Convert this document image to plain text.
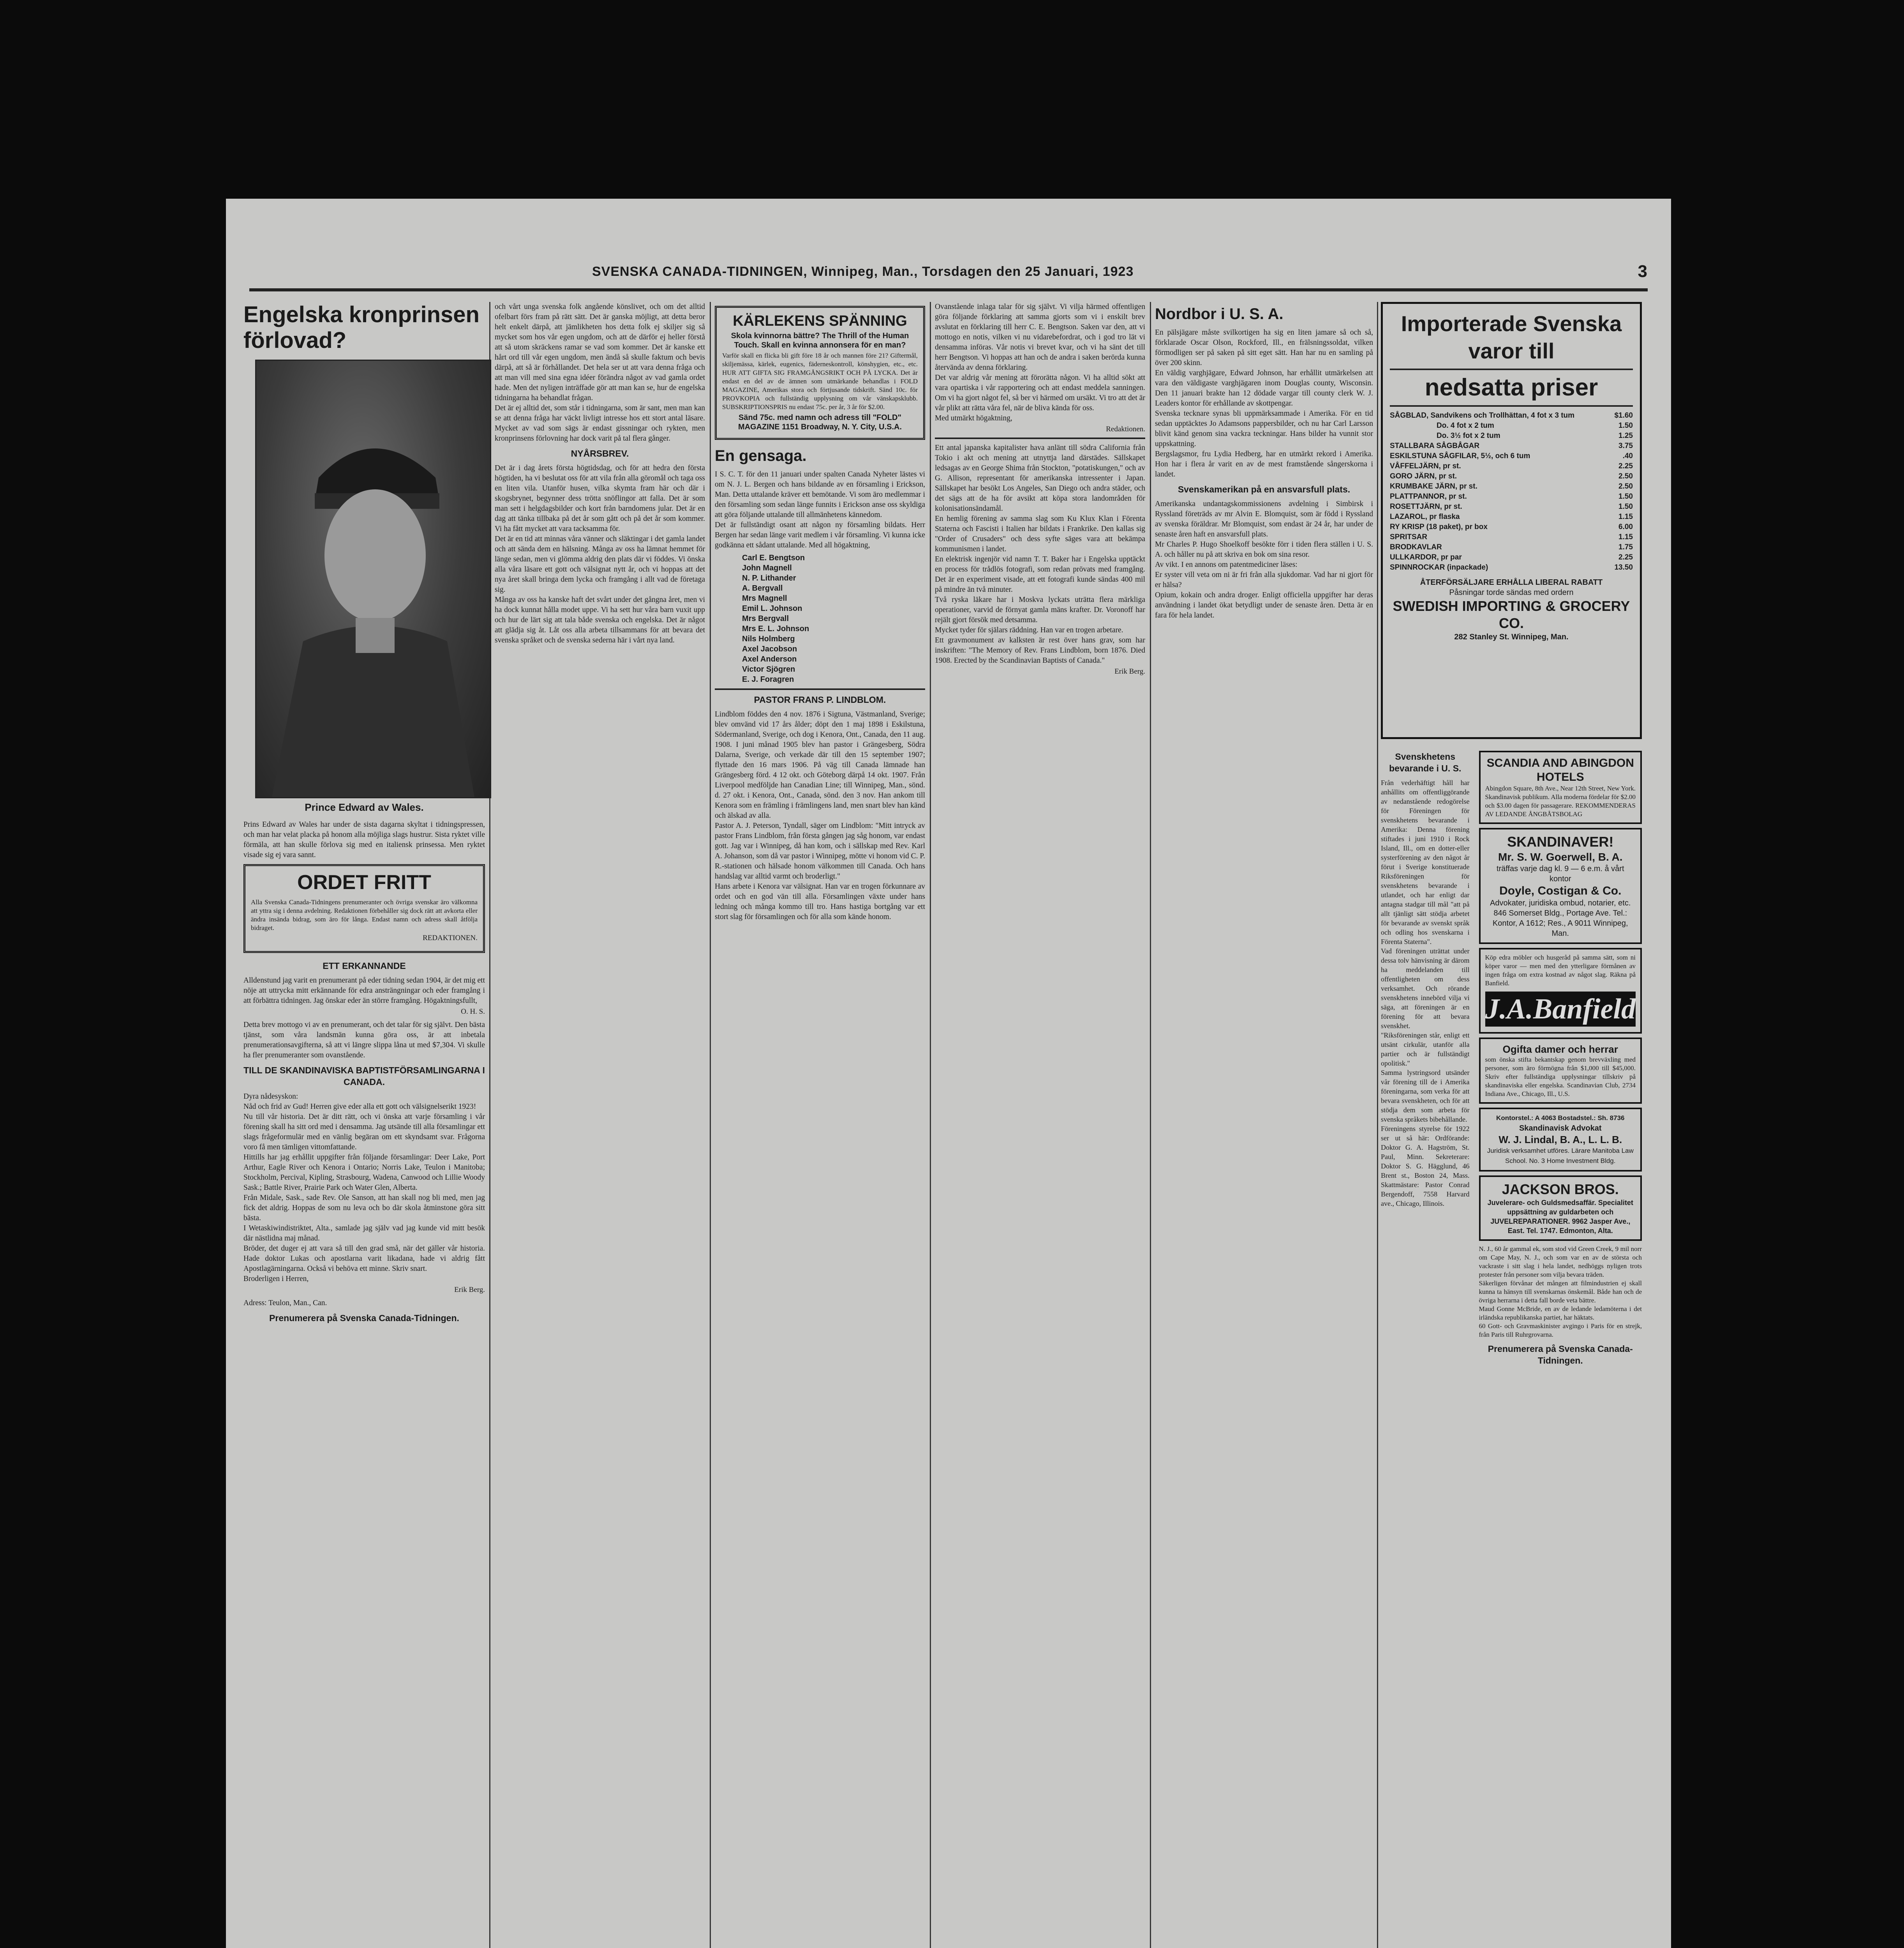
SVENSKA CANADA-TIDNINGEN, Winnipeg, Man., Torsdagen den 25 Januari, 1923	3

Engelska kronprinsen förlovad?

Prince Edward av Wales.

Prins Edward av Wales har under de sista dagarna skyltat i tidningspressen, och man har velat placka på honom alla möjliga slags hustrur. Sista ryktet ville förmäla, att han skulle förlova sig med en italiensk prinsessa. Men ryktet visade sig ej vara sannt.

ORDET FRITT

Alla Svenska Canada-Tidningens prenumeranter och övriga svenskar äro välkomna att yttra sig i denna avdelning. Redaktionen förbehåller sig dock rätt att avkorta eller ändra insända bidrag, som äro för långa. Endast namn och adress skall åtfölja bidraget.

REDAKTIONEN.

ETT ERKANNANDE

Alldenstund jag varit en prenumerant på eder tidning sedan 1904, är det mig ett nöje att uttrycka mitt erkännande för edra ansträngningar och eder framgång i att förbättra tidningen. Jag önskar eder än större framgång. Högaktningsfullt,

O. H. S.

Detta brev mottogo vi av en prenumerant, och det talar för sig självt. Den bästa tjänst, som våra landsmän kunna göra oss, är att inbetala prenumerationsavgifterna, så att vi längre slippa låna ut med $7,304. Vi skulle ha fler prenumeranter som ovanstående.

TILL DE SKANDINAVISKA BAPTISTFÖRSAMLINGARNA I CANADA.

Dyra nådesyskon:
Nåd och frid av Gud! Herren give eder alla ett gott och välsignelserikt 1923!
Nu till vår historia. Det är ditt rätt, och vi önska att varje församling i vår förening skall ha sitt ord med i densamma. Jag utsände till alla församlingar ett slags frågeformulär med en vänlig begäran om ett skyndsamt svar. Frågorna voro få men tämligen vittomfattande.
Hittills har jag erhållit uppgifter från följande församlingar: Deer Lake, Port Arthur, Eagle River och Kenora i Ontario; Norris Lake, Teulon i Manitoba; Stockholm, Percival, Kipling, Strasbourg, Wadena, Canwood och Lillie Woody Sask.; Battle River, Prairie Park och Water Glen, Alberta.
Från Midale, Sask., sade Rev. Ole Sanson, att han skall nog bli med, men jag fick det aldrig. Hoppas de som nu leva och bo där skola åtminstone göra sitt bästa.
I Wetaskiwindistriktet, Alta., samlade jag själv vad jag kunde vid mitt besök där nästlidna maj månad.
Bröder, det duger ej att vara så till den grad små, när det gäller vår historia. Hade doktor Lukas och apostlarna varit likadana, hade vi aldrig fått Apostlagärningarna. Också vi behöva ett minne. Skriv snart.
Broderligen i Herren,

Erik Berg.

Adress: Teulon, Man., Can.

Prenumerera på Svenska Canada-Tidningen.

och vårt unga svenska folk angående könslivet, och om det alltid ofelbart förs fram på rätt sätt. Det är ganska möjligt, att detta beror helt enkelt därpå, att jämlikheten hos detta folk ej skiljer sig så mycket som hos vår egen ungdom, och att de därför ej heller förstå att så utom skräckens ramar se vad som kommer. Det är kanske ett hårt ord till vår egen ungdom, men ändå så skulle faktum och bevis därpå, att så är förhållandet. Det hela ser ut att vara denna fråga och att man vill med sina egna idéer förändra något av vad gamla ordet hade. Men det nyligen inträffade gör att man kan se, hur de engelska tidningarna ha behandlat frågan.
Det är ej alltid det, som står i tidningarna, som är sant, men man kan se att denna fråga har väckt livligt intresse hos ett stort antal läsare. Mycket av vad som sägs är endast gissningar och rykten, men kronprinsens förlovning har dock varit på tal flera gånger.

NYÅRSBREV.

Det är i dag årets första högtidsdag, och för att hedra den första högtiden, ha vi beslutat oss för att vila från alla göromål och taga oss en liten vila. Utanför husen, vilka skymta fram här och där i skogsbrynet, begynner dess trötta snöflingor att falla. Det är som man sett i helgdagsbilder och kort från barndomens jular. Det är en dag att tänka tillbaka på det år som gått och på det år som kommer. Vi ha fått mycket att vara tacksamma för.
Det är en tid att minnas våra vänner och släktingar i det gamla landet och att sända dem en hälsning. Många av oss ha lämnat hemmet för länge sedan, men vi glömma aldrig den plats där vi föddes. Vi önska alla våra läsare ett gott och välsignat nytt år, och vi hoppas att det nya året skall bringa dem lycka och framgång i allt vad de företaga sig.
Många av oss ha kanske haft det svårt under det gångna året, men vi ha dock kunnat hålla modet uppe. Vi ha sett hur våra barn vuxit upp och hur de lärt sig att tala både svenska och engelska. Det är något att glädja sig åt. Låt oss alla arbeta tillsammans för att bevara det svenska språket och de svenska sederna här i vårt nya land.

KÄRLEKENS SPÄNNING

Skola kvinnorna bättre? The Thrill of the Human Touch. Skall en kvinna annonsera för en man?

Varför skall en flicka bli gift före 18 år och mannen före 21? Giftermål, skiljemässa, kärlek, eugenics, fäderneskontroll, könshygien, etc., etc. HUR ATT GIFTA SIG FRAMGÅNGSRIKT OCH PÅ LYCKA. Det är endast en del av de ämnen som utmärkande behandlas i FOLD MAGAZINE, Amerikas stora och förtjusande tidskrift. Sänd 10c. för PROVKOPIA och fullständig upplysning om vår vänskapsklubb. SUBSKRIPTIONSPRIS nu endast 75c. per år, 3 år för $2.00.

Sänd 75c. med namn och adress till "FOLD" MAGAZINE 1151 Broadway, N. Y. City, U.S.A.

En gensaga.

I S. C. T. för den 11 januari under spalten Canada Nyheter lästes vi om N. J. L. Bergen och hans bildande av en församling i Erickson, Man. Detta uttalande kräver ett bemötande. Vi som äro medlemmar i den församling som sedan länge funnits i Erickson anse oss skyldiga att göra följande uttalande till allmänhetens kännedom.
Det är fullständigt osant att någon ny församling bildats. Herr Bergen har sedan länge varit medlem i vår församling. Vi kunna icke godkänna ett sådant uttalande. Med all högaktning,

Carl E. Bengtson
John Magnell
N. P. Lithander
A. Bergvall
Mrs Magnell
Emil L. Johnson
Mrs Bergvall
Mrs E. L. Johnson
Nils Holmberg
Axel Jacobson
Axel Anderson
Victor Sjögren
E. J. Foragren

PASTOR FRANS P. LINDBLOM.

Lindblom föddes den 4 nov. 1876 i Sigtuna, Västmanland, Sverige; blev omvänd vid 17 års ålder; döpt den 1 maj 1898 i Eskilstuna, Södermanland, Sverige, och dog i Kenora, Ont., Canada, den 11 aug. 1908. I juni månad 1905 blev han pastor i Grängesberg, Södra Dalarna, Sverige, och verkade där till den 15 september 1907; flyttade den 16 mars 1906. På väg till Canada lämnade han Grängesberg förd. 4 12 okt. och Göteborg därpå 14 okt. 1907. Från Liverpool medföljde han Canadian Line; till Winnipeg, Man., sönd. d. 27 okt. i Kenora, Ont., Canada, sönd. den 3 nov. Han ankom till Kenora som en främling i främlingens land, men snart blev han känd och älskad av alla.
Pastor A. J. Peterson, Tyndall, säger om Lindblom: "Mitt intryck av pastor Frans Lindblom, från första gången jag såg honom, var endast gott. Jag var i Winnipeg, då han kom, och i sällskap med Rev. Karl A. Johanson, som då var pastor i Winnipeg, mötte vi honom vid C. P. R.-stationen och hälsade honom välkommen till Canada. Och hans handslag var alltid varmt och broderligt."
Hans arbete i Kenora var välsignat. Han var en trogen förkunnare av ordet och en god vän till alla. Församlingen växte under hans ledning och många kommo till tro. Hans hastiga bortgång var ett stort slag för församlingen och för alla som kände honom.

Ovanstående inlaga talar för sig självt. Vi vilja härmed offentligen göra följande förklaring att samma gjorts som vi i enskilt brev avslutat en förklaring till herr C. E. Bengtson. Saken var den, att vi mottogo en notis, vilken vi nu vidarebefordrat, och i god tro lät vi densamma införas. Vår notis vi brevet kvar, och vi ha sänt det till herr Bengtson. Vi hoppas att han och de andra i saken berörda kunna återvända av denna förklaring.
Det var aldrig vår mening att förorätta någon. Vi ha alltid sökt att vara opartiska i vår rapportering och att endast meddela sanningen. Om vi ha gjort något fel, så ber vi härmed om ursäkt. Vi tro att det är vår plikt att rätta våra fel, när de bliva kända för oss.
Med utmärkt högaktning,

Redaktionen.

Ett antal japanska kapitalister hava anlänt till södra California från Tokio i akt och mening att utnyttja land därstädes. Sällskapet ledsagas av en George Shima från Stockton, "potatiskungen," och av G. Allison, representant för amerikanska intressenter i Japan. Sällskapet har besökt Los Angeles, San Diego och andra städer, och det sägs att de ha för avsikt att köpa stora landområden för kolonisationsändamål.
En hemlig förening av samma slag som Ku Klux Klan i Förenta Staterna och Fascisti i Italien har bildats i Frankrike. Den kallas sig "Order of Crusaders" och dess syfte säges vara att bekämpa kommunismen i landet.
En elektrisk ingenjör vid namn T. T. Baker har i Engelska upptäckt en process för trådlös fotografi, som redan prövats med framgång. Det är en experiment visade, att ett fotografi kunde sändas 400 mil på mindre än två minuter.
Två ryska läkare har i Moskva lyckats uträtta flera märkliga operationer, varvid de förnyat gamla mäns krafter. Dr. Voronoff har rejält gjort försök med detsamma.
Mycket tyder för själars räddning. Han var en trogen arbetare.
Ett gravmonument av kalksten är rest över hans grav, som har inskriften: "The Memory of Rev. Frans Lindblom, born 1876. Died 1908. Erected by the Scandinavian Baptists of Canada."

Erik Berg.

Nordbor i U. S. A.

En pälsjägare måste svilkortigen ha sig en liten jamare så och så, förklarade Oscar Olson, Rockford, Ill., en frälsningssoldat, vilken förmodligen ser på saken på sitt eget sätt. Han har nu en samling på över 200 skinn.
En väldig varghjägare, Edward Johnson, har erhållit utmärkelsen att vara den väldigaste varghjägaren inom Douglas county, Wisconsin. Den 11 januari brakte han 12 dödade vargar till county clerk W. J. Leaders kontor för erhållande av skottpengar.
Svenska tecknare synas bli uppmärksammade i Amerika. För en tid sedan upptäcktes Jo Adamsons pappersbilder, och nu har Carl Larsson blivit känd genom sina vackra teckningar. Hans bilder ha vunnit stor uppskattning.
Bergslagsmor, fru Lydia Hedberg, har en utmärkt rekord i Amerika. Hon har i flera år varit en av de mest framstående sångerskorna i landet.

Svenskamerikan på en ansvarsfull plats.

Amerikanska undantagskommissionens avdelning i Simbirsk i Ryssland företräds av mr Alvin E. Blomquist, som är född i Ryssland av svenska föräldrar. Mr Blomquist, som endast är 24 år, har under de senaste åren haft en ansvarsfull plats.
Mr Charles P. Hugo Shoelkoff besökte förr i tiden flera ställen i U. S. A. och håller nu på att skriva en bok om sina resor.
Av vikt. I en annons om patentmediciner läses:
Er syster vill veta om ni är fri från alla sjukdomar. Vad har ni gjort för er hälsa?
Opium, kokain och andra droger. Enligt officiella uppgifter har deras användning i landet ökat betydligt under de senaste åren. Detta är en fara för hela landet.

Importerade Svenska varor till

nedsatta priser

SÅGBLAD, Sandvikens och Trollhättan, 4 fot x 3 tum	$1.60
Do. 4 fot x 2 tum	1.50
Do. 3½ fot x 2 tum	1.25
STALLBARA SÅGBÅGAR	3.75
ESKILSTUNA SÅGFILAR, 5½, och 6 tum	.40
VÅFFELJÄRN, pr st.	2.25
GORO JÄRN, pr st.	2.50
KRUMBAKE JÄRN, pr st.	2.50
PLATTPANNOR, pr st.	1.50
ROSETTJÄRN, pr st.	1.50
LAZAROL, pr flaska	1.15
RY KRISP (18 paket), pr box	6.00
SPRITSAR	1.15
BRODKAVLAR	1.75
ULLKARDOR, pr par	2.25
SPINNROCKAR (inpackade)	13.50

ÅTERFÖRSÄLJARE ERHÅLLA LIBERAL RABATT

Påsningar torde sändas med ordern

SWEDISH IMPORTING & GROCERY CO.

282 Stanley St. Winnipeg, Man.

Svenskhetens bevarande i U. S.

Från vederhäftigt håll har anhållits om offentliggörande av nedanstående redogörelse för Föreningen för svenskhetens bevarande i Amerika: Denna förening stiftades i juni 1910 i Rock Island, Ill., om en dotter-eller systerförening av den något år förut i Sverige konstituerade Riksföreningen för svenskhetens bevarande i utlandet, och har enligt dar antagna stadgar till mål "att på allt tjänligt sätt stödja arbetet för bevarande av svenskt språk och odling hos svenskarna i Förenta Staterna".
Vad föreningen uträttat under dessa tolv hänvisning är därom ha meddelanden till offentligheten om dess verksamhet. Och rörande svenskhetens innebörd vilja vi säga, att föreningen är en förening för att bevara svenskhet.
"Riksföreningen står, enligt ett utsänt cirkulär, utanför alla partier och är fullständigt opolitisk."
Samma lystringsord utsänder vår förening till de i Amerika föreningarna, som verka för att bevara svenskheten, och för att stödja dem som arbeta för svenska språkets bibehållande.
Föreningens styrelse för 1922 ser ut så här: Ordförande: Doktor G. A. Hagström, St. Paul, Minn. Sekreterare: Doktor S. G. Hägglund, 46 Brent st., Boston 24, Mass. Skattmästare: Pastor Conrad Bergendoff, 7558 Harvard ave., Chicago, Illinois.

SCANDIA AND ABINGDON HOTELS

Abingdon Square, 8th Ave., Near 12th Street, New York. Skandinavisk publikum. Alla moderna fördelar för $2.00 och $3.00 dagen för passagerare. REKOMMENDERAS AV LEDANDE ÅNGBÅTSBOLAG

SKANDINAVER!

Mr. S. W. Goerwell, B. A.

träffas varje dag kl. 9 — 6 e.m. å vårt kontor

Doyle, Costigan & Co.

Advokater, juridiska ombud, notarier, etc. 846 Somerset Bldg., Portage Ave. Tel.: Kontor, A 1612; Res., A 9011 Winnipeg, Man.

Köp edra möbler och husgeråd på samma sätt, som ni köper varor — men med den ytterligare förmånen av ingen fråga om extra kostnad av något slag. Räkna på Banfield.

J.A.Banfield

Ogifta damer och herrar

som önska stifta bekantskap genom brevväxling med personer, som äro förmögna från $1,000 till $45,000. Skriv efter fullständiga upplysningar tillskriv på skandinaviska eller engelska. Scandinavian Club, 2734 Indiana Ave., Chicago, Ill., U.S.

Kontorstel.: A 4063 Bostadstel.: Sh. 8736

Skandinavisk Advokat

W. J. Lindal, B. A., L. L. B.

Juridisk verksamhet utföres. Lärare Manitoba Law School. No. 3 Home Investment Bldg.

JACKSON BROS.

Juvelerare- och Guldsmedsaffär. Specialitet uppsättning av guldarbeten och JUVELREPARATIONER. 9962 Jasper Ave., East. Tel. 1747. Edmonton, Alta.

N. J., 60 år gammal ek, som stod vid Green Creek, 9 mil norr om Cape May, N. J., och som var en av de största och vackraste i sitt slag i hela landet, nedhöggs nyligen trots protester från personer som vilja bevara träden.
Säkerligen förvånar det mången att filmindustrien ej skall kunna ta hänsyn till svenskarnas önskemål. Både han och de övriga herrarna i detta fall borde veta bättre.
Maud Gonne McBride, en av de ledande ledamöterna i det irländska republikanska partiet, har häktats.
60 Gott- och Gravmaskinister avgingo i Paris för en strejk, från Paris till Ruhrgrovarna.

Prenumerera på Svenska Canada-Tidningen.
